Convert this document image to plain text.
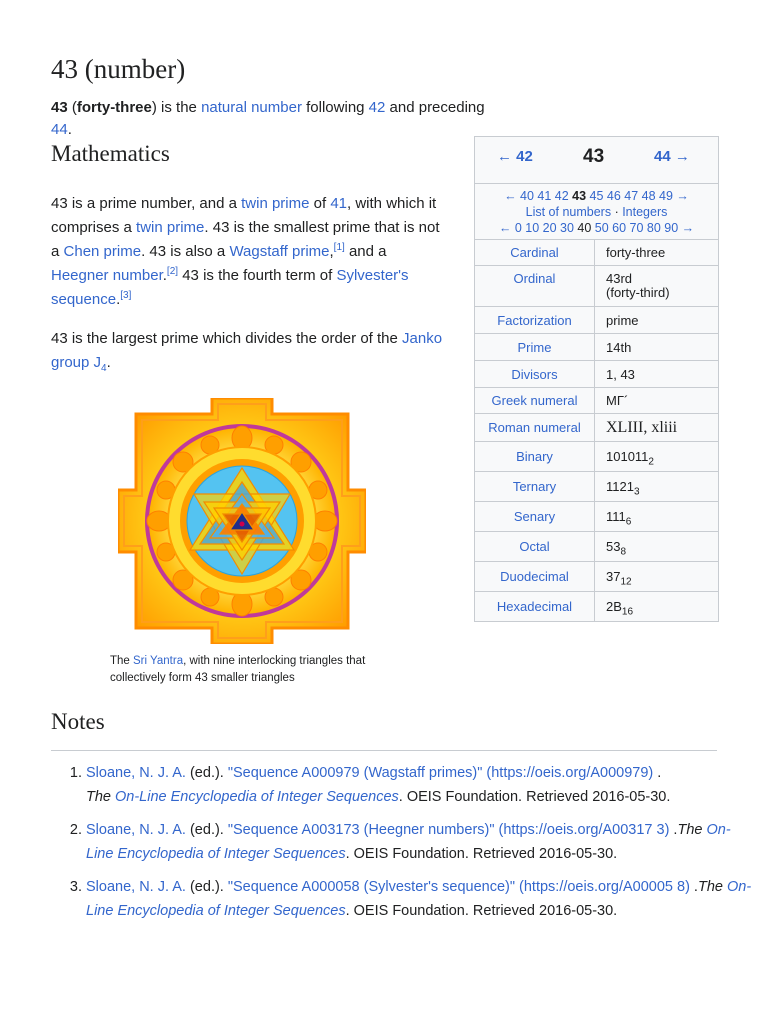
43 (number)

43 (forty-three) is the natural number following 42 and preceding 44.

Mathematics

43 is a prime number, and a twin prime of 41, with which it comprises a twin prime. 43 is the smallest prime that is not a Chen prime. 43 is also a Wagstaff prime,[1] and a Heegner number.[2] 43 is the fourth term of Sylvester's sequence.[3]

43 is the largest prime which divides the order of the Janko group $J_4$.

← 42	43	44 →
← 40 41 42 43 45 46 47 48 49 →
List of numbers · Integers
← 0 10 20 30 40 50 60 70 80 90 →
Cardinal	forty-three
Ordinal	43rd
(forty-third)

Factorization	prime
Prime	14th
Divisors	1, 43
Greek numeral	ΜΓ´
Roman numeral	XLIII, xliii
Binary	$101011_2$
Ternary	$1121_3$
Senary	$111_6$
Octal	$53_8$
Duodecimal	$37_{12}$
Hexadecimal	$2B_{16}$
The Sri Yantra, with nine interlocking triangles that collectively form 43 smaller triangles
Notes
1. Sloane, N. J. A. (ed.). "Sequence A000979 (Wagstaff primes)" (https://oeis.org/A000979) .
The On-Line Encyclopedia of Integer Sequences. OEIS Foundation. Retrieved 2016-05-30.
2. Sloane, N. J. A. (ed.). "Sequence A003173 (Heegner numbers)" (https://oeis.org/A00317 3) .The On-Line Encyclopedia of Integer Sequences. OEIS Foundation. Retrieved 2016-05-30.
3. Sloane, N. J. A. (ed.). "Sequence A000058 (Sylvester's sequence)" (https://oeis.org/A00005 8) .The On-Line Encyclopedia of Integer Sequences. OEIS Foundation. Retrieved 2016-05-30.
